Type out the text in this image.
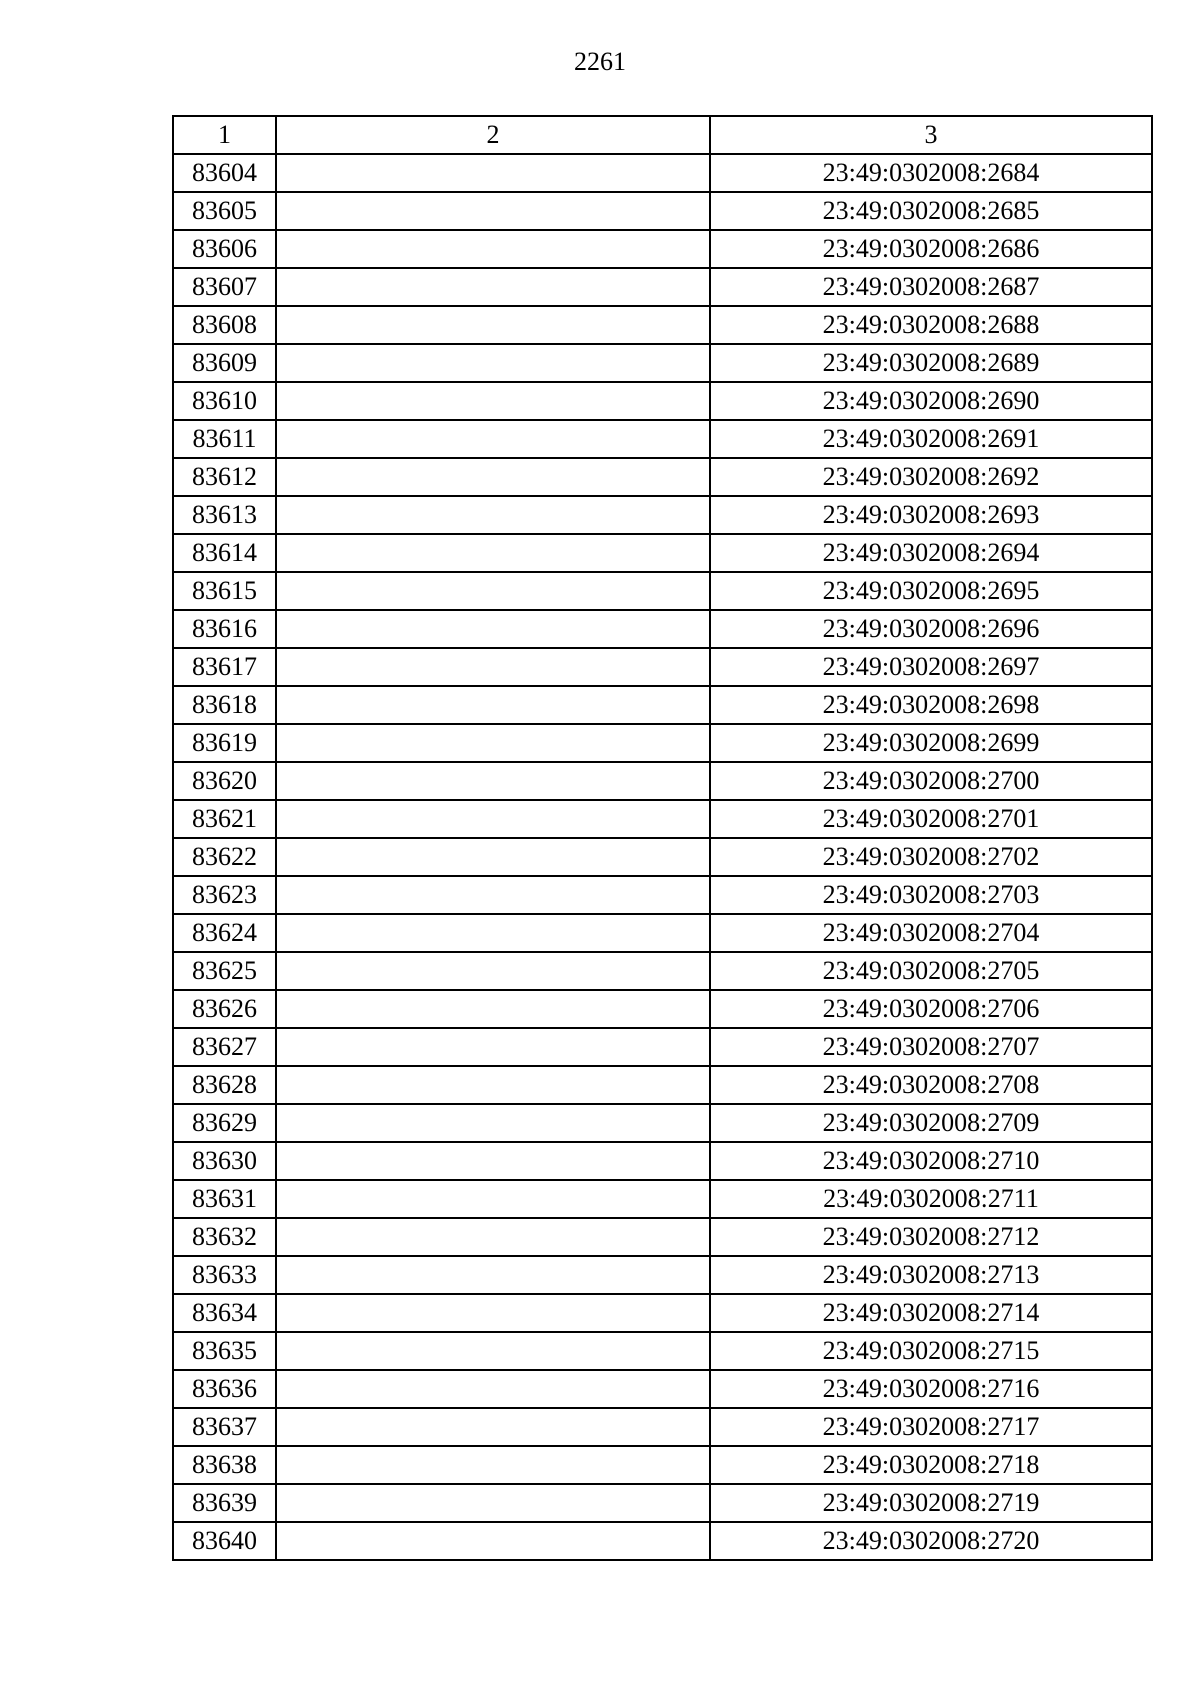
2261
1	2	3
83604		23:49:0302008:2684
83605		23:49:0302008:2685
83606		23:49:0302008:2686
83607		23:49:0302008:2687
83608		23:49:0302008:2688
83609		23:49:0302008:2689
83610		23:49:0302008:2690
83611		23:49:0302008:2691
83612		23:49:0302008:2692
83613		23:49:0302008:2693
83614		23:49:0302008:2694
83615		23:49:0302008:2695
83616		23:49:0302008:2696
83617		23:49:0302008:2697
83618		23:49:0302008:2698
83619		23:49:0302008:2699
83620		23:49:0302008:2700
83621		23:49:0302008:2701
83622		23:49:0302008:2702
83623		23:49:0302008:2703
83624		23:49:0302008:2704
83625		23:49:0302008:2705
83626		23:49:0302008:2706
83627		23:49:0302008:2707
83628		23:49:0302008:2708
83629		23:49:0302008:2709
83630		23:49:0302008:2710
83631		23:49:0302008:2711
83632		23:49:0302008:2712
83633		23:49:0302008:2713
83634		23:49:0302008:2714
83635		23:49:0302008:2715
83636		23:49:0302008:2716
83637		23:49:0302008:2717
83638		23:49:0302008:2718
83639		23:49:0302008:2719
83640		23:49:0302008:2720
